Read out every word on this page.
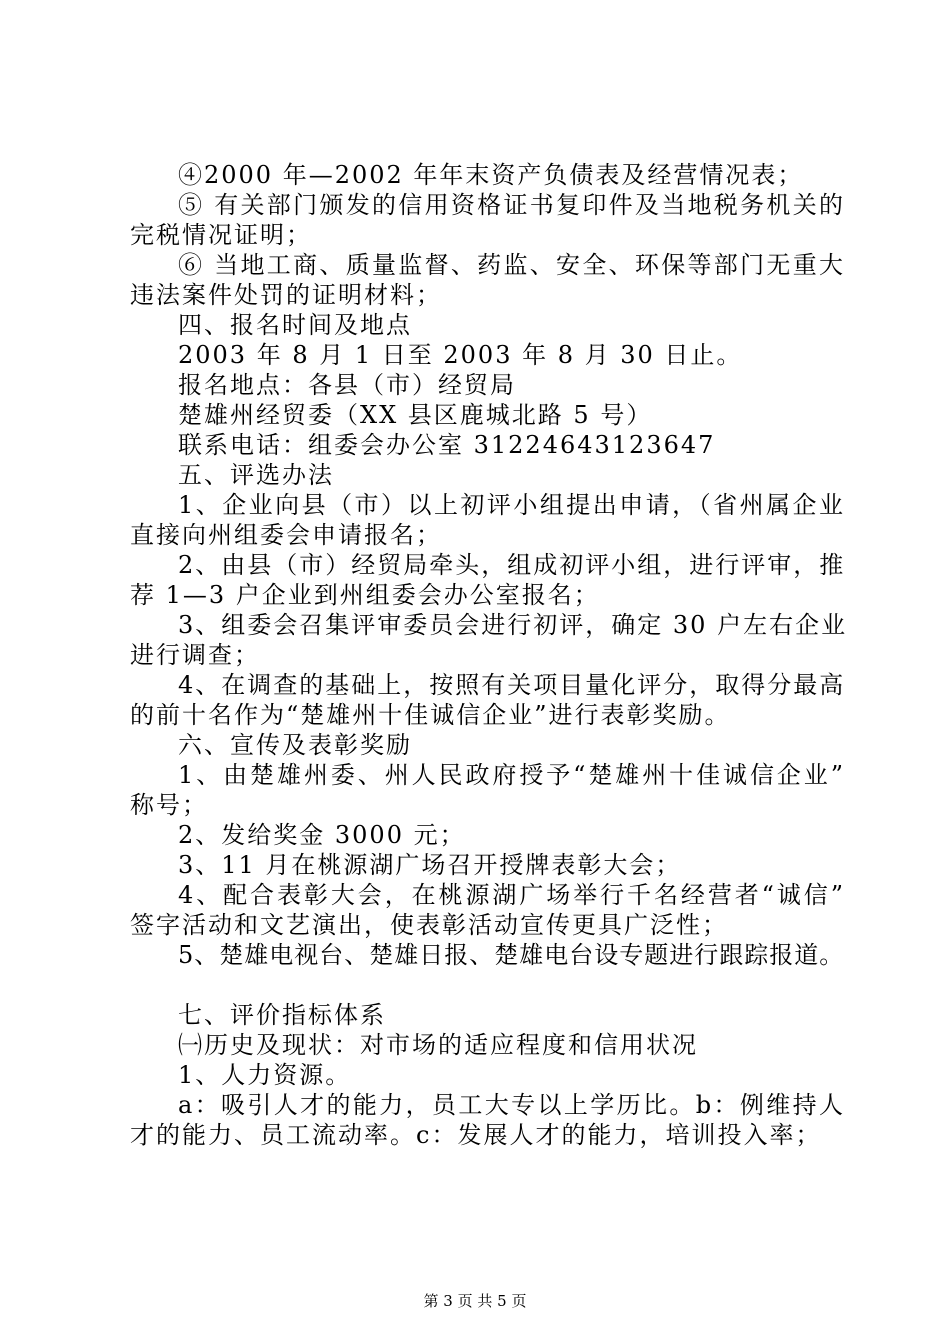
④2000 年—2002 年年末资产负债表及经营情况表；
⑤ 有关部门颁发的信用资格证书复印件及当地税务机关的
完税情况证明；
⑥ 当地工商、质量监督、药监、安全、环保等部门无重大
违法案件处罚的证明材料；
四、报名时间及地点
2003 年 8 月 1 日至 2003 年 8 月 30 日止。
报名地点：各县（市）经贸局
楚雄州经贸委（XX 县区鹿城北路 5 号）
联系电话：组委会办公室 31224643123647
五、评选办法
1、企业向县（市）以上初评小组提出申请，（省州属企业
直接向州组委会申请报名；
2、由县（市）经贸局牵头，组成初评小组，进行评审，推
荐 1—3 户企业到州组委会办公室报名；
3、组委会召集评审委员会进行初评，确定 30 户左右企业
进行调查；
4、在调查的基础上，按照有关项目量化评分，取得分最高
的前十名作为“楚雄州十佳诚信企业”进行表彰奖励。
六、宣传及表彰奖励
1、由楚雄州委、州人民政府授予“楚雄州十佳诚信企业”
称号；
2、发给奖金 3000 元；
3、11 月在桃源湖广场召开授牌表彰大会；
4、配合表彰大会，在桃源湖广场举行千名经营者“诚信”
签字活动和文艺演出，使表彰活动宣传更具广泛性；
5、楚雄电视台、楚雄日报、楚雄电台设专题进行跟踪报道。
七、评价指标体系
㈠历史及现状：对市场的适应程度和信用状况
1、人力资源。
a：吸引人才的能力，员工大专以上学历比。b：例维持人
才的能力、员工流动率。c：发展人才的能力，培训投入率；
第 3 页 共 5 页
